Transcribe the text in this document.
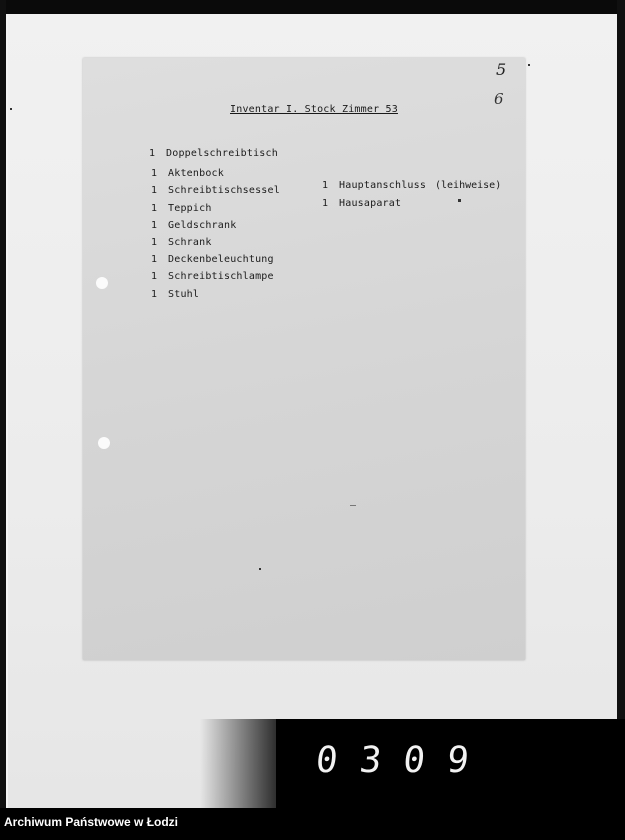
5
6
Inventar I. Stock Zimmer 53
1 Doppelschreibtisch
1 Aktenbock
1 Schreibtischsessel
1 Teppich
1 Geldschrank
1 Schrank
1 Deckenbeleuchtung
1 Schreibtischlampe
1 Stuhl
1 Hauptanschluss
1 Hausaparat
(leihweise)
0309
Archiwum Państwowe w Łodzi
